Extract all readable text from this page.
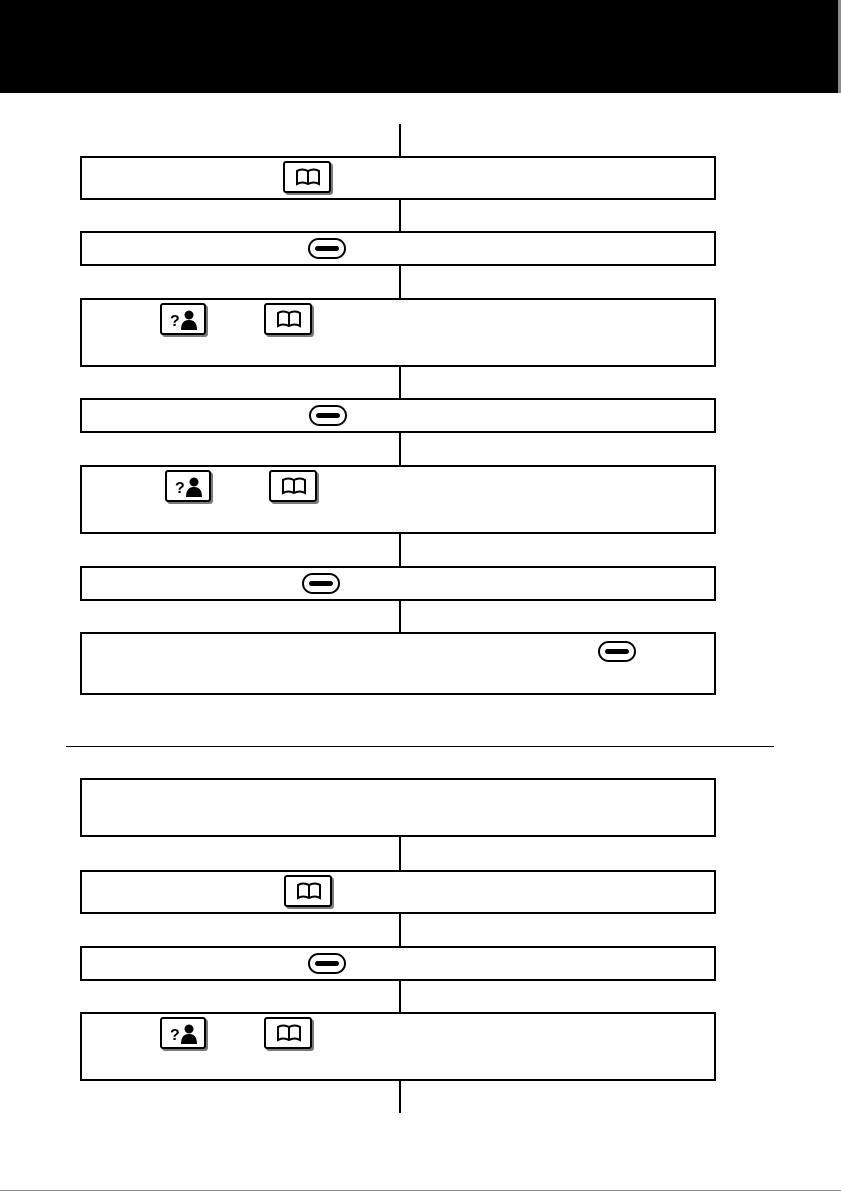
?
?
?
